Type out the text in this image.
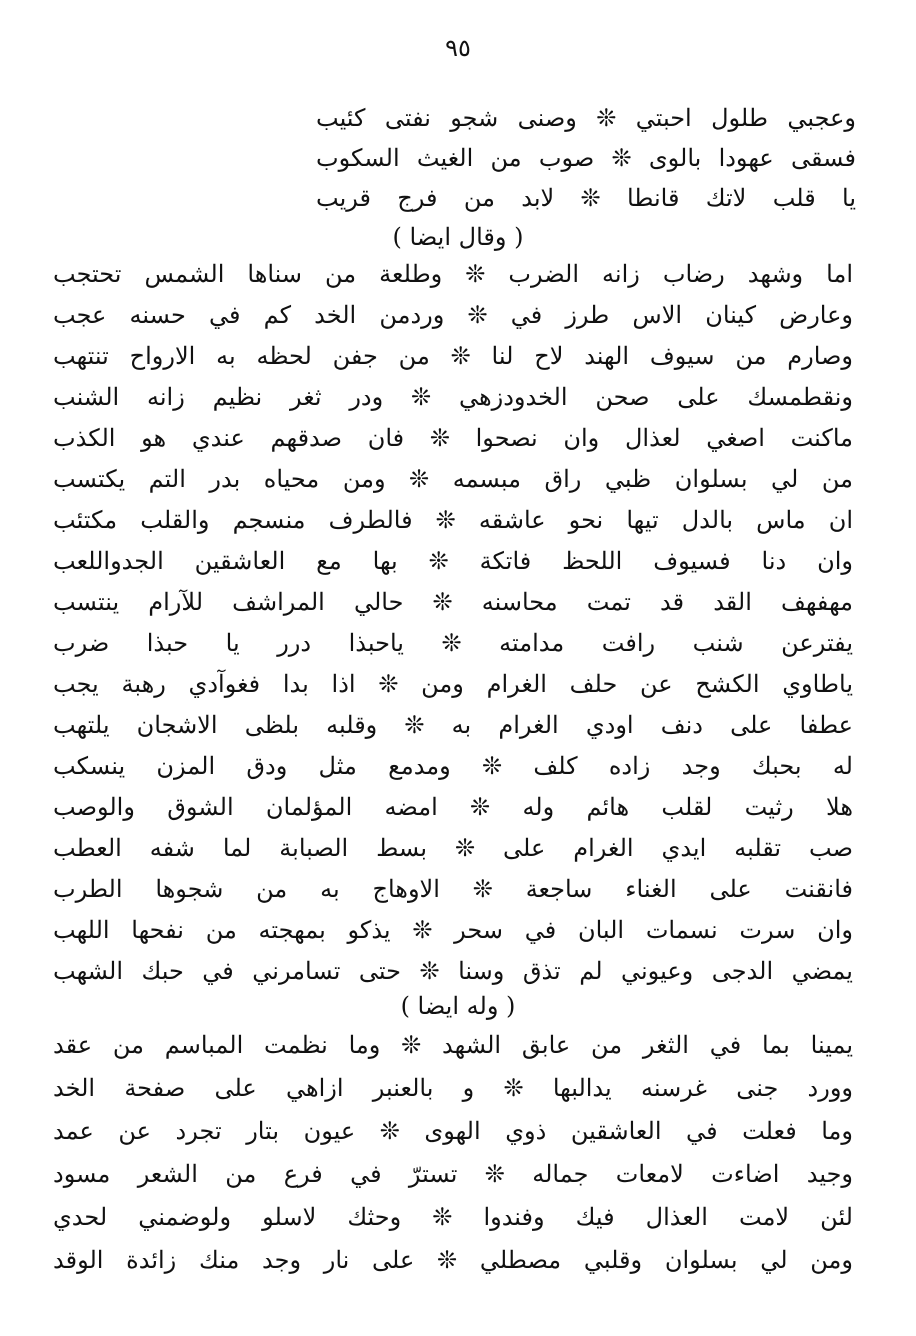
٩٥
وعجبي طلول احبتي ❊ وصنى شجو نفتى كئيب
فسقى عهودا بالوى ❊ صوب من الغيث السكوب
يا قلب لاتك قانطا ❊ لابد من فرج قريب
( وقال ايضا )
اما وشهد رضاب زانه الضرب ❊ وطلعة من سناها الشمس تحتجب
وعارض كينان الاس طرز في ❊ وردمن الخد كم في حسنه عجب
وصارم من سيوف الهند لاح لنا ❊ من جفن لحظه به الارواح تنتهب
ونقطمسك على صحن الخدودزهي ❊ ودر ثغر نظيم زانه الشنب
ماكنت اصغي لعذال وان نصحوا ❊ فان صدقهم عندي هو الكذب
من لي بسلوان ظبي راق مبسمه ❊ ومن محياه بدر التم يكتسب
ان ماس بالدل تيها نحو عاشقه ❊ فالطرف منسجم والقلب مكتئب
وان دنا فسيوف اللحظ فاتكة ❊ بها مع العاشقين الجدواللعب
مهفهف القد قد تمت محاسنه ❊ حالي المراشف للآرام ينتسب
يفترعن شنب رافت مدامته ❊ ياحبذا درر يا حبذا ضرب
ياطاوي الكشح عن حلف الغرام ومن ❊ اذا بدا فغوآدي رهبة يجب
عطفا على دنف اودي الغرام به ❊ وقلبه بلظى الاشجان يلتهب
له بحبك وجد زاده كلف ❊ ومدمع مثل ودق المزن ينسكب
هلا رثيت لقلب هائم وله ❊ امضه المؤلمان الشوق والوصب
صب تقلبه ايدي الغرام على ❊ بسط الصبابة لما شفه العطب
فانقنت على الغناء ساجعة ❊ الاوهاج به من شجوها الطرب
وان سرت نسمات البان في سحر ❊ يذكو بمهجته من نفحها اللهب
يمضي الدجى وعيوني لم تذق وسنا ❊ حتى تسامرني في حبك الشهب
( وله ايضا )
يمينا بما في الثغر من عابق الشهد ❊ وما نظمت المباسم من عقد
وورد جنى غرسنه يدالبها ❊ و بالعنبر ازاهي على صفحة الخد
وما فعلت في العاشقين ذوي الهوى ❊ عيون بتار تجرد عن عمد
وجيد اضاءت لامعات جماله ❊ تسترّ في فرع من الشعر مسود
لئن لامت العذال فيك وفندوا ❊ وحثك لاسلو ولوضمني لحدي
ومن لي بسلوان وقلبي مصطلي ❊ على نار وجد منك زائدة الوقد
